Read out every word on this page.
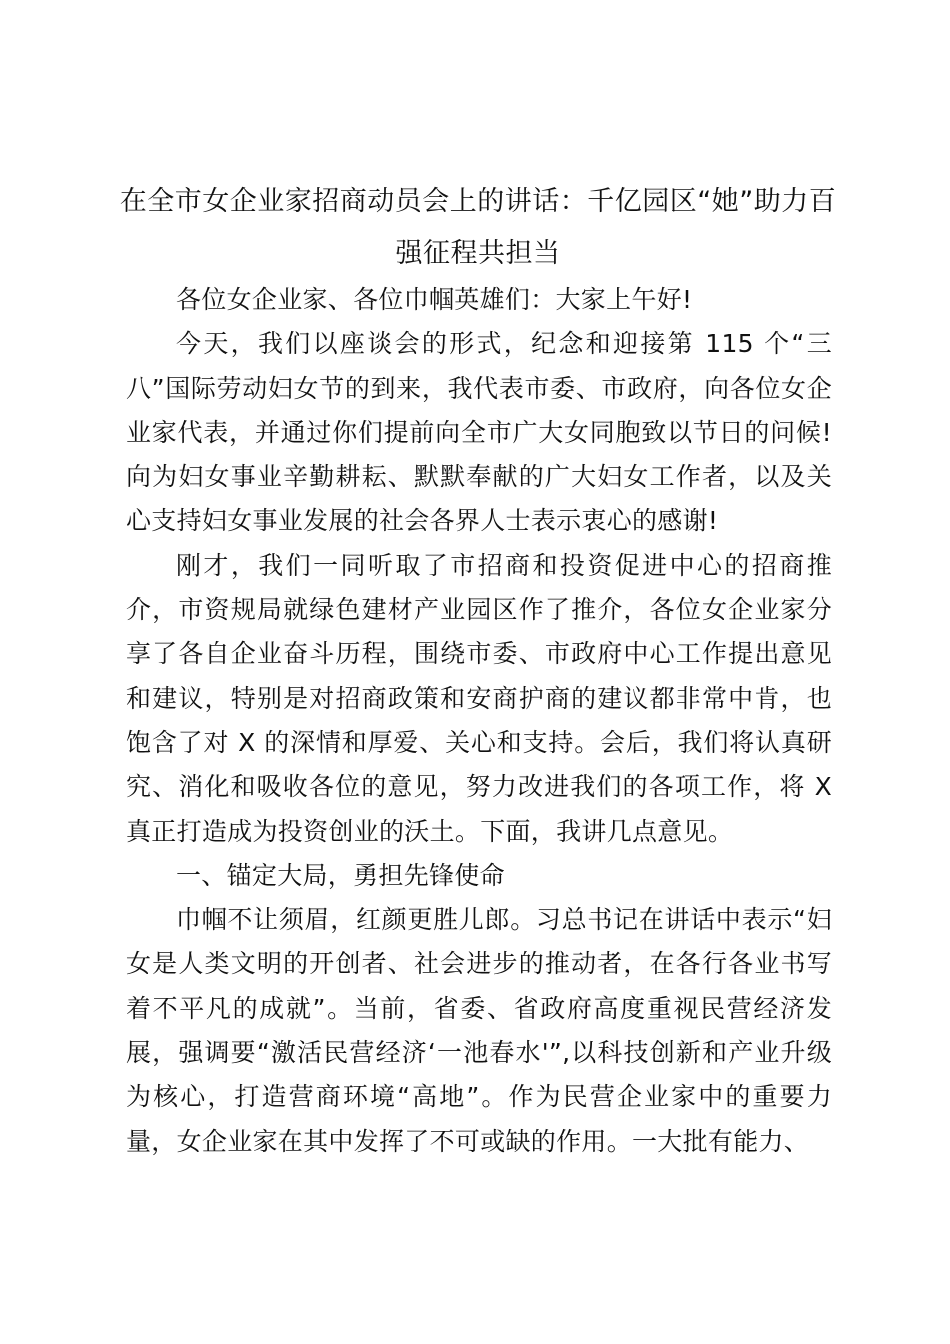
在全市女企业家招商动员会上的讲话：千亿园区“她”助力百强征程共担当

各位女企业家、各位巾帼英雄们：大家上午好!

今天，我们以座谈会的形式，纪念和迎接第 115 个“三八”国际劳动妇女节的到来，我代表市委、市政府，向各位女企业家代表，并通过你们提前向全市广大女同胞致以节日的问候!向为妇女事业辛勤耕耘、默默奉献的广大妇女工作者，以及关心支持妇女事业发展的社会各界人士表示衷心的感谢!

刚才，我们一同听取了市招商和投资促进中心的招商推介，市资规局就绿色建材产业园区作了推介，各位女企业家分享了各自企业奋斗历程，围绕市委、市政府中心工作提出意见和建议，特别是对招商政策和安商护商的建议都非常中肯，也饱含了对 X 的深情和厚爱、关心和支持。会后，我们将认真研究、消化和吸收各位的意见，努力改进我们的各项工作，将 X 真正打造成为投资创业的沃土。下面，我讲几点意见。

一、锚定大局，勇担先锋使命

巾帼不让须眉，红颜更胜儿郎。习总书记在讲话中表示“妇女是人类文明的开创者、社会进步的推动者，在各行各业书写着不平凡的成就”。当前，省委、省政府高度重视民营经济发展，强调要“激活民营经济‘一池春水'”,以科技创新和产业升级为核心，打造营商环境“高地”。作为民营企业家中的重要力量，女企业家在其中发挥了不可或缺的作用。一大批有能力、
